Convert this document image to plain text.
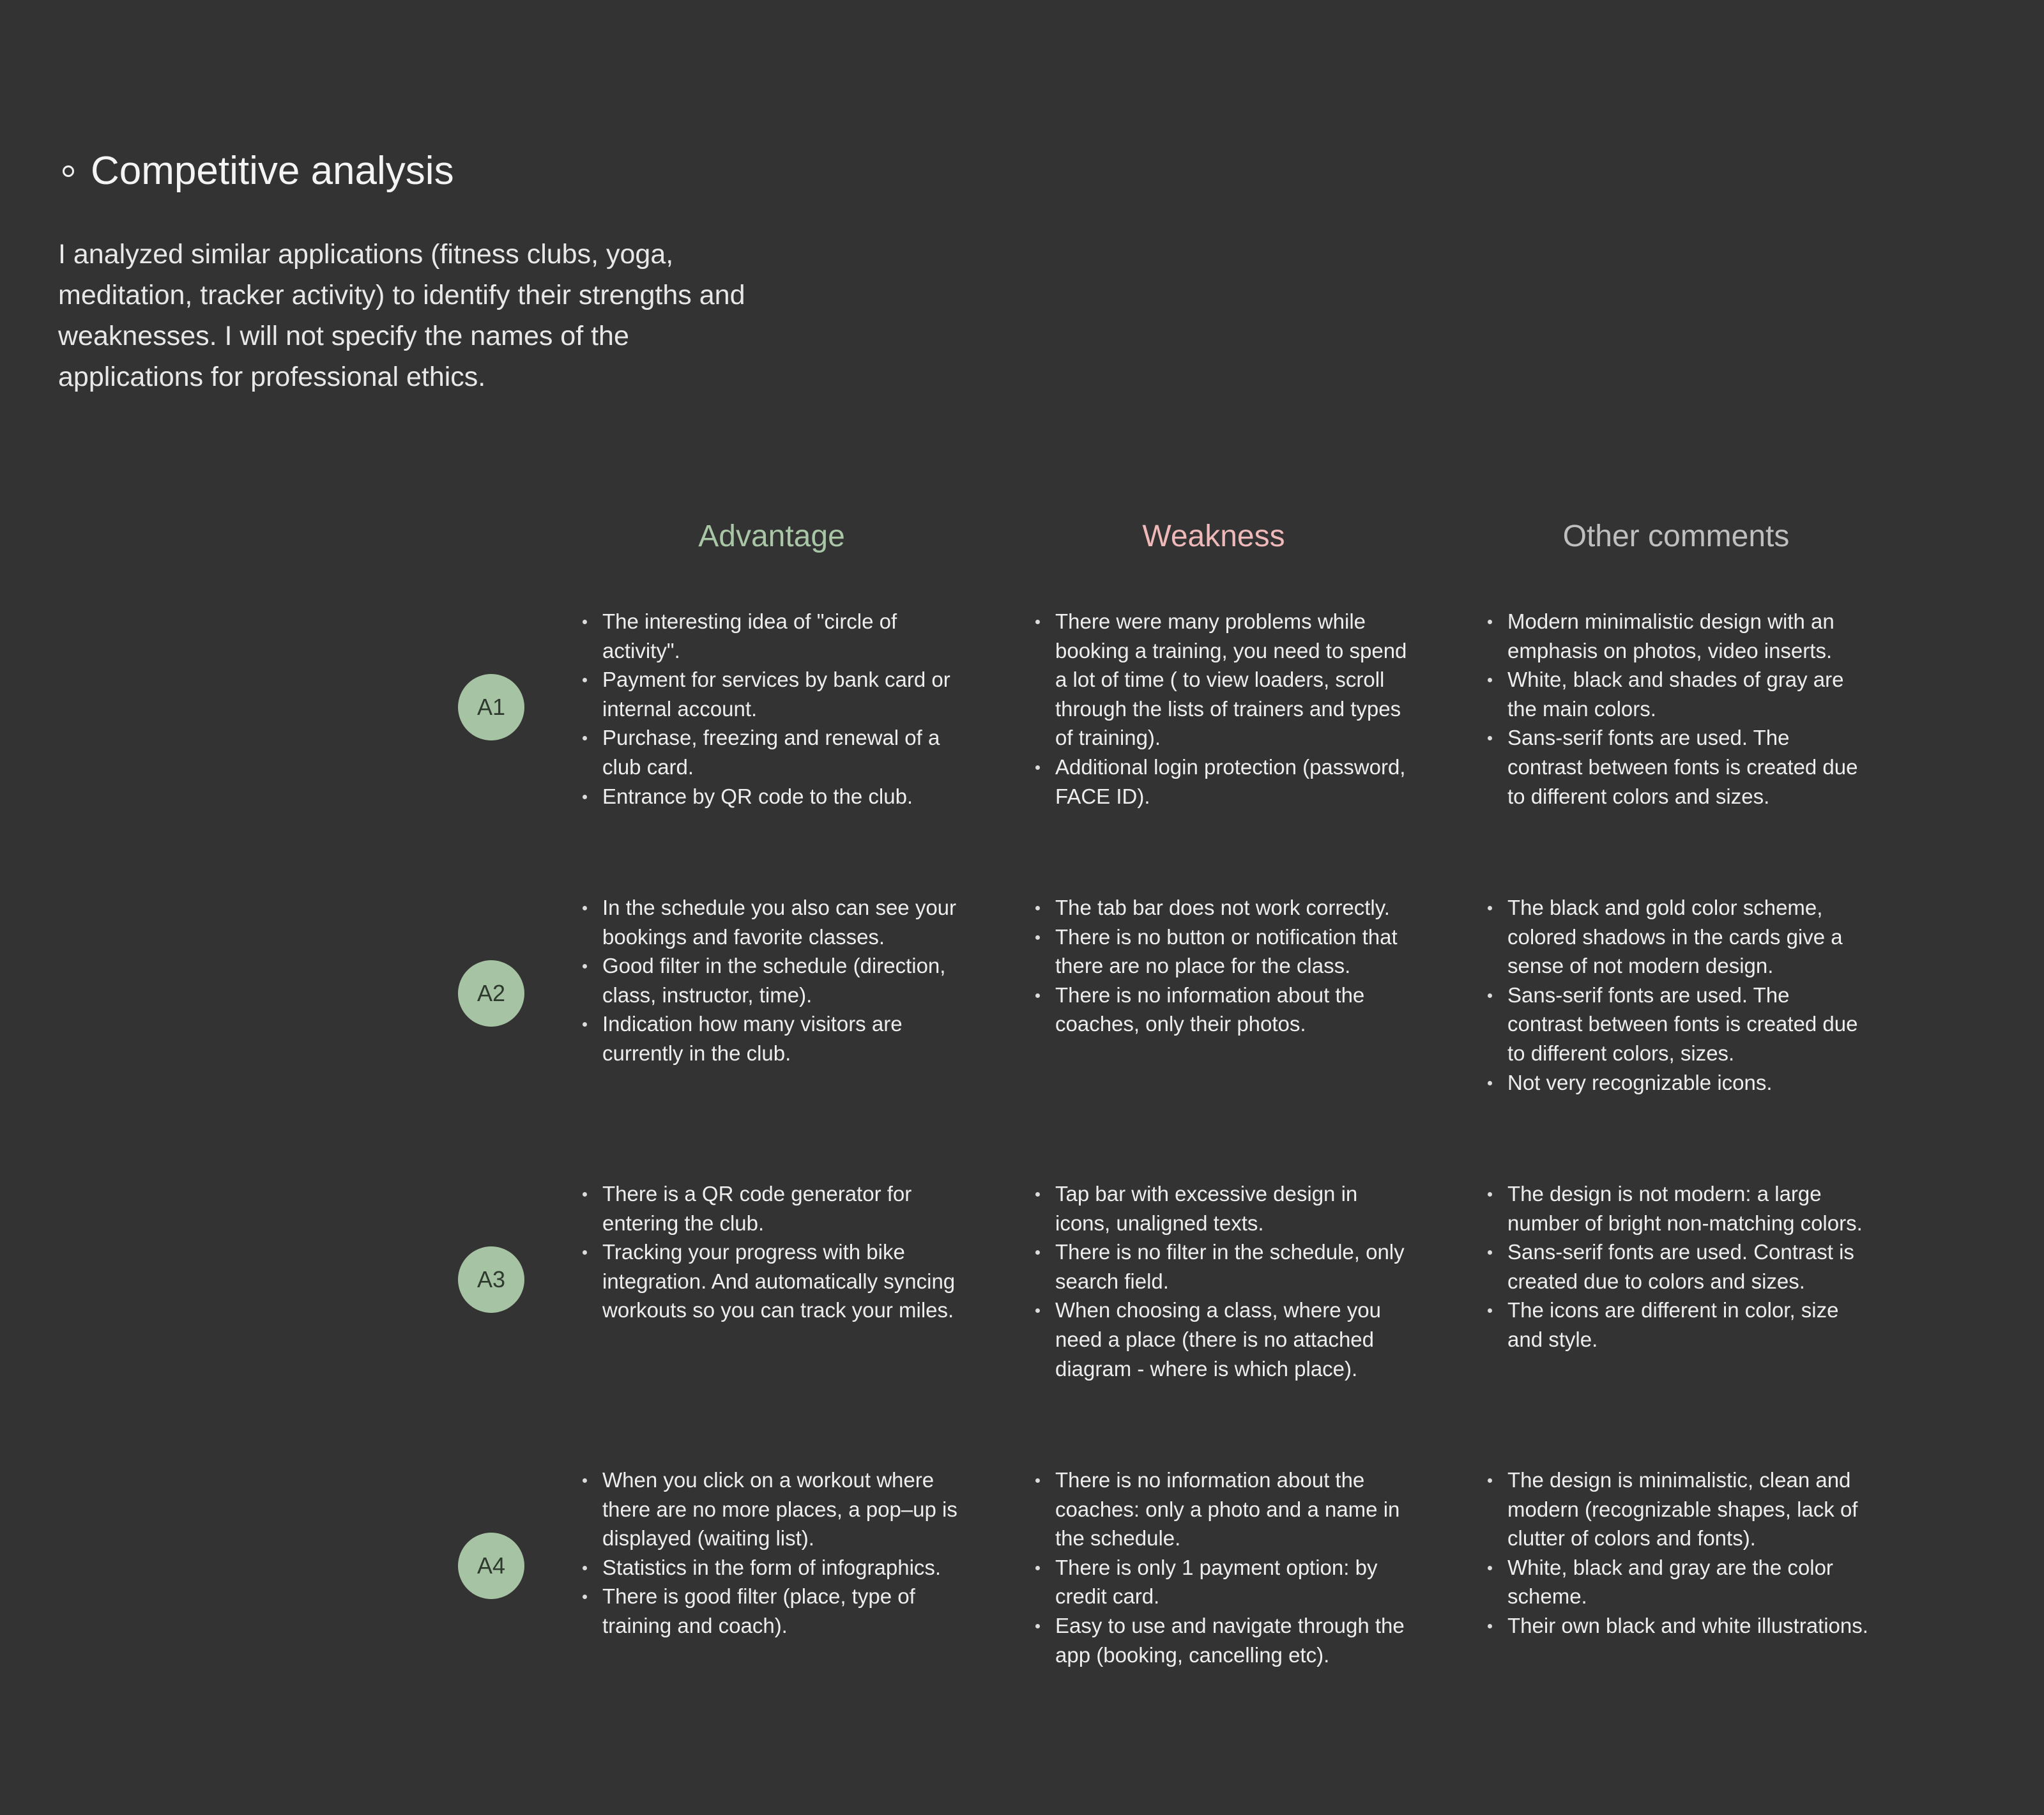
Competitive analysis

I analyzed similar applications (fitness clubs, yoga, meditation, tracker activity) to identify their strengths and weaknesses. I will not specify the names of the applications for professional ethics.

Advantage	Weakness	Other comments
A1
The interesting idea of "circle of activity".
Payment for services by bank card or internal account.
Purchase, freezing and renewal of a club card.
Entrance by QR code to the club.
There were many problems while booking a training, you need to spend a lot of time ( to view loaders, scroll through the lists of trainers and types of training).
Additional login protection (password, FACE ID).
Modern minimalistic design with an emphasis on photos, video inserts.
White, black and shades of gray are the main colors.
Sans-serif fonts are used. The contrast between fonts is created due to different colors and sizes.
A2
In the schedule you also can see your bookings and favorite classes.
Good filter in the schedule (direction, class, instructor, time).
Indication how many visitors are currently in the club.
The tab bar does not work correctly.
There is no button or notification that there are no place for the class.
There is no information about the coaches, only their photos.
The black and gold color scheme, colored shadows in the cards give a sense of not modern design.
Sans-serif fonts are used. The contrast between fonts is created due to different colors, sizes.
Not very recognizable icons.
A3
There is a QR code generator for entering the club.
Tracking your progress with bike integration. And automatically syncing workouts so you can track your miles.
Tap bar with excessive design in icons, unaligned texts.
There is no filter in the schedule, only search field.
When choosing a class, where you need a place (there is no attached diagram - where is which place).
The design is not modern: a large number of bright non-matching colors.
Sans-serif fonts are used. Contrast is created due to colors and sizes.
The icons are different in color, size and style.
A4
When you click on a workout where there are no more places, a pop–up is displayed (waiting list).
Statistics in the form of infographics.
There is good filter (place, type of training and coach).
There is no information about the coaches: only a photo and a name in the schedule.
There is only 1 payment option: by credit card.
Easy to use and navigate through the app (booking, cancelling etc).
The design is minimalistic, clean and modern (recognizable shapes, lack of clutter of colors and fonts).
White, black and gray are the color scheme.
Their own black and white illustrations.
